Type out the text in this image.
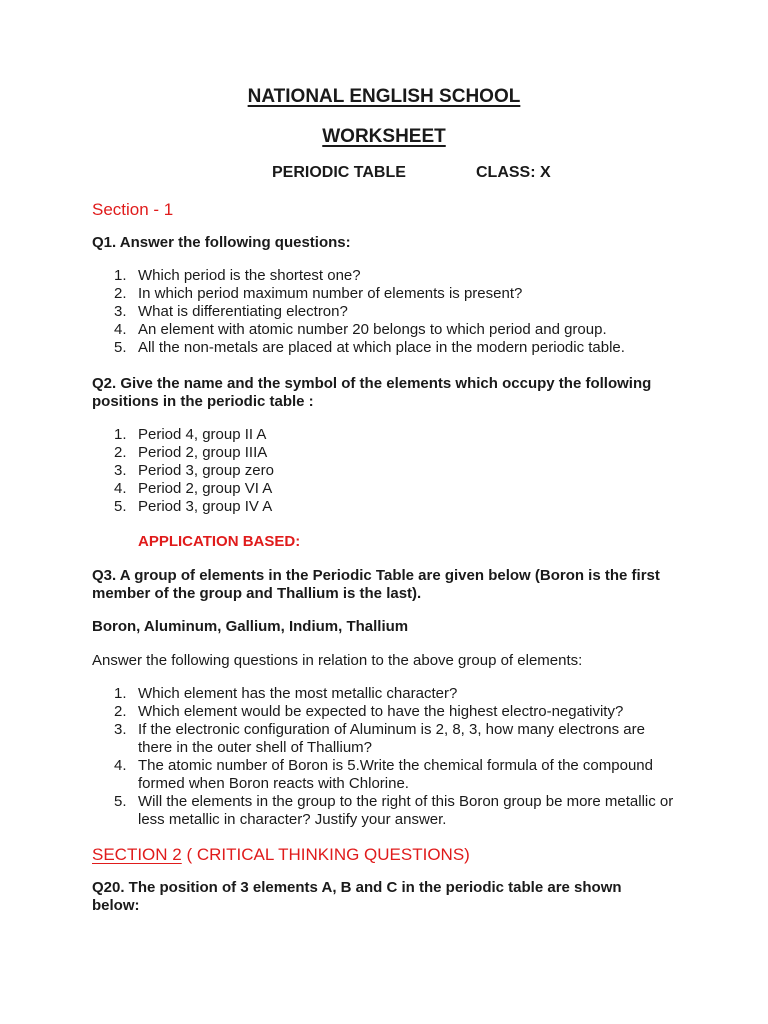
NATIONAL ENGLISH SCHOOL
WORKSHEET
PERIODIC TABLE	CLASS: X
Section - 1
Q1. Answer the following questions:
1. Which period is the shortest one?
2. In which period maximum number of elements is present?
3. What is differentiating electron?
4. An element with atomic number 20 belongs to which period and group.
5. All the non-metals are placed at which place in the modern periodic table.
Q2. Give the name and the symbol of the elements which occupy the following positions in the periodic table :
1. Period 4, group II A
2. Period 2, group IIIA
3. Period 3, group zero
4. Period 2, group VI A
5. Period 3, group IV A
APPLICATION BASED:
Q3. A group of elements in the Periodic Table are given below (Boron is the first member of the group and Thallium is the last).
Boron, Aluminum, Gallium, Indium, Thallium
Answer the following questions in relation to the above group of elements:
1. Which element has the most metallic character?
2. Which element would be expected to have the highest electro-negativity?
3. If the electronic configuration of Aluminum is 2, 8, 3, how many electrons are there in the outer shell of Thallium?
4. The atomic number of Boron is 5.Write the chemical formula of the compound formed when Boron reacts with Chlorine.
5. Will the elements in the group to the right of this Boron group be more metallic or less metallic in character? Justify your answer.
SECTION 2 ( CRITICAL THINKING QUESTIONS)
Q20. The position of 3 elements A, B and C in the periodic table are shown below:
